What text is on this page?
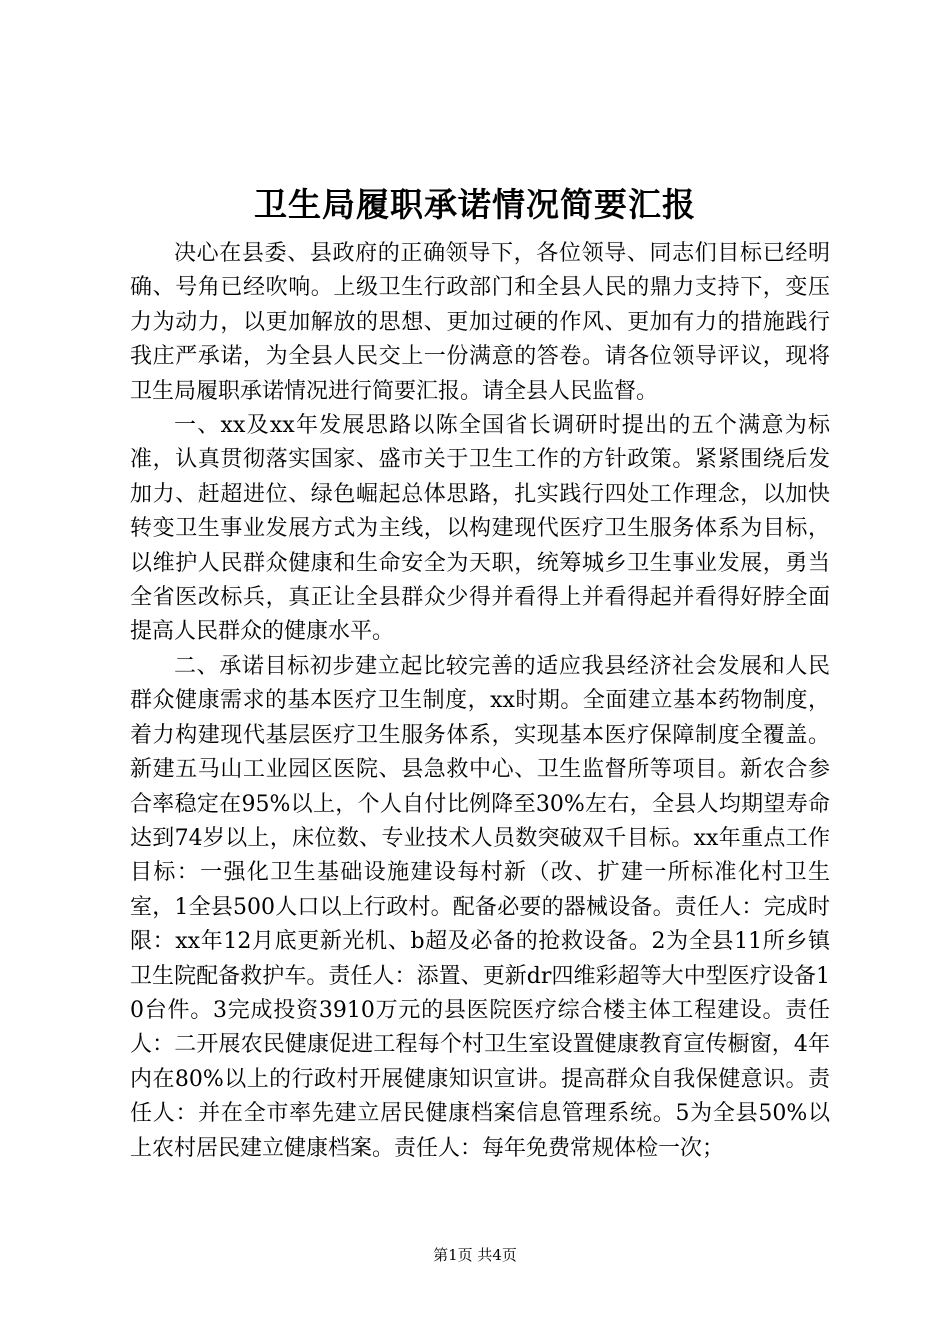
卫生局履职承诺情况简要汇报

决心在县委、县政府的正确领导下，各位领导、同志们目标已经明确、号角已经吹响。上级卫生行政部门和全县人民的鼎力支持下，变压力为动力，以更加解放的思想、更加过硬的作风、更加有力的措施践行我庄严承诺，为全县人民交上一份满意的答卷。请各位领导评议，现将卫生局履职承诺情况进行简要汇报。请全县人民监督。

一、xx及xx年发展思路以陈全国省长调研时提出的五个满意为标准，认真贯彻落实国家、盛市关于卫生工作的方针政策。紧紧围绕后发加力、赶超进位、绿色崛起总体思路，扎实践行四处工作理念，以加快转变卫生事业发展方式为主线，以构建现代医疗卫生服务体系为目标，以维护人民群众健康和生命安全为天职，统筹城乡卫生事业发展，勇当全省医改标兵，真正让全县群众少得并看得上并看得起并看得好脖全面提高人民群众的健康水平。

二、承诺目标初步建立起比较完善的适应我县经济社会发展和人民群众健康需求的基本医疗卫生制度，xx时期。全面建立基本药物制度，着力构建现代基层医疗卫生服务体系，实现基本医疗保障制度全覆盖。新建五马山工业园区医院、县急救中心、卫生监督所等项目。新农合参合率稳定在95%以上，个人自付比例降至30%左右，全县人均期望寿命达到74岁以上，床位数、专业技术人员数突破双千目标。xx年重点工作目标：一强化卫生基础设施建设每村新（改、扩建一所标准化村卫生室，1全县500人口以上行政村。配备必要的器械设备。责任人：完成时限：xx年12月底更新光机、b超及必备的抢救设备。2为全县11所乡镇卫生院配备救护车。责任人：添置、更新dr四维彩超等大中型医疗设备10台件。3完成投资3910万元的县医院医疗综合楼主体工程建设。责任人：二开展农民健康促进工程每个村卫生室设置健康教育宣传橱窗，4年内在80%以上的行政村开展健康知识宣讲。提高群众自我保健意识。责任人：并在全市率先建立居民健康档案信息管理系统。5为全县50%以上农村居民建立健康档案。责任人：每年免费常规体检一次；

第1页 共4页
